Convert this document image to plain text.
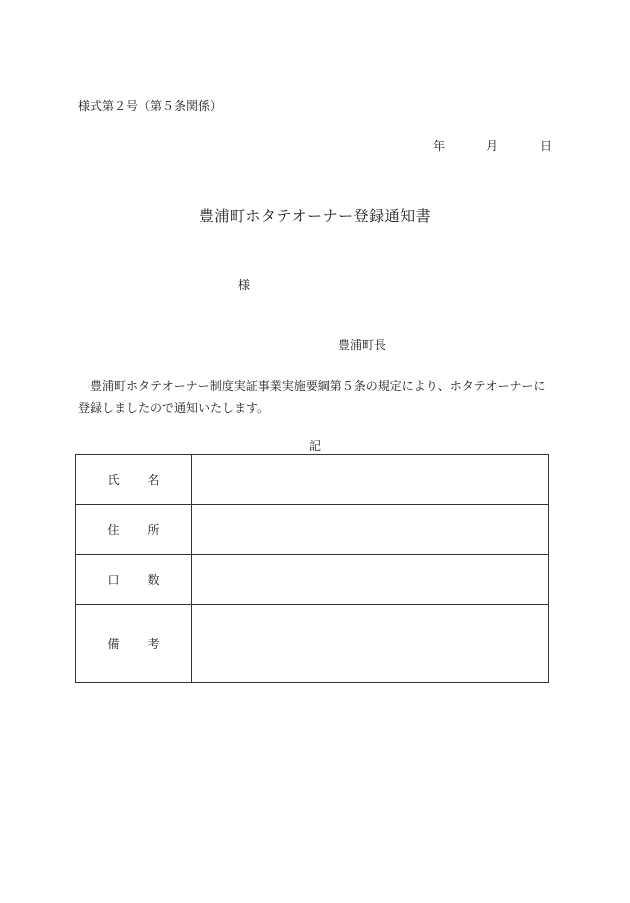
様式第２号（第５条関係）
年	月	日
豊浦町ホタテオーナー登録通知書
様
豊浦町長
豊浦町ホタテオーナー制度実証事業実施要綱第５条の規定により、ホタテオーナーに登録しましたので通知いたします。
記
氏名	
住所	
口数	
備考	
